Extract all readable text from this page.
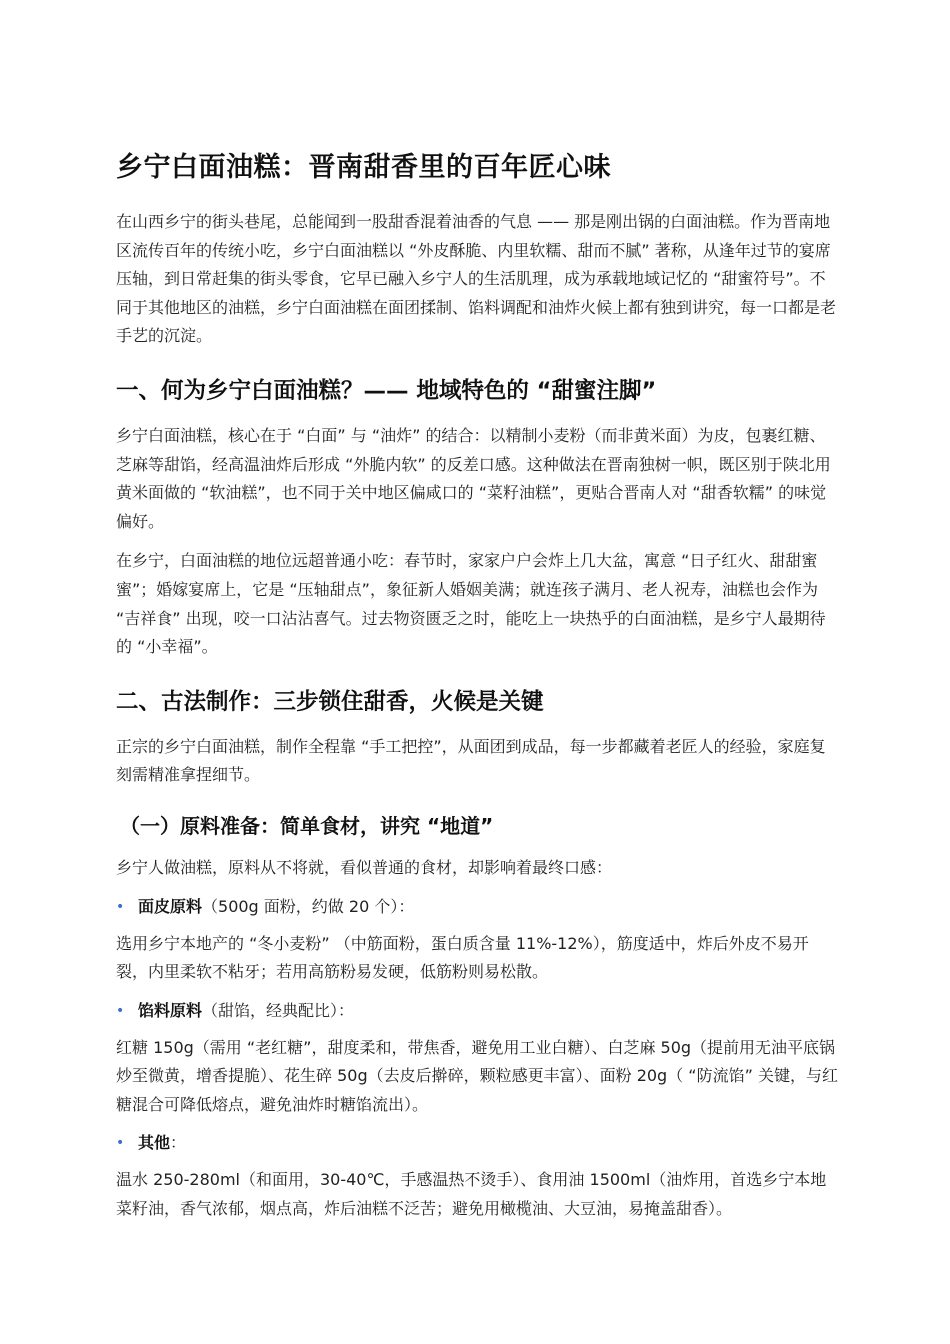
乡宁白面油糕：晋南甜香里的百年匠心味

在山西乡宁的街头巷尾，总能闻到一股甜香混着油香的气息 —— 那是刚出锅的白面油糕。作为晋南地区流传百年的传统小吃，乡宁白面油糕以 “外皮酥脆、内里软糯、甜而不腻” 著称，从逢年过节的宴席压轴，到日常赶集的街头零食，它早已融入乡宁人的生活肌理，成为承载地域记忆的 “甜蜜符号”。不同于其他地区的油糕，乡宁白面油糕在面团揉制、馅料调配和油炸火候上都有独到讲究，每一口都是老手艺的沉淀。

一、何为乡宁白面油糕？—— 地域特色的 “甜蜜注脚”

乡宁白面油糕，核心在于 “白面” 与 “油炸” 的结合：以精制小麦粉（而非黄米面）为皮，包裹红糖、芝麻等甜馅，经高温油炸后形成 “外脆内软” 的反差口感。这种做法在晋南独树一帜，既区别于陕北用黄米面做的 “软油糕”，也不同于关中地区偏咸口的 “菜籽油糕”，更贴合晋南人对 “甜香软糯” 的味觉偏好。

在乡宁，白面油糕的地位远超普通小吃：春节时，家家户户会炸上几大盆，寓意 “日子红火、甜甜蜜蜜”；婚嫁宴席上，它是 “压轴甜点”，象征新人婚姻美满；就连孩子满月、老人祝寿，油糕也会作为 “吉祥食” 出现，咬一口沾沾喜气。过去物资匮乏之时，能吃上一块热乎的白面油糕，是乡宁人最期待的 “小幸福”。

二、古法制作：三步锁住甜香，火候是关键

正宗的乡宁白面油糕，制作全程靠 “手工把控”，从面团到成品，每一步都藏着老匠人的经验，家庭复刻需精准拿捏细节。

（一）原料准备：简单食材，讲究 “地道”

乡宁人做油糕，原料从不将就，看似普通的食材，却影响着最终口感：

• 面皮原料（500g 面粉，约做 20 个）：

选用乡宁本地产的 “冬小麦粉” （中筋面粉，蛋白质含量 11%-12%），筋度适中，炸后外皮不易开裂，内里柔软不粘牙；若用高筋粉易发硬，低筋粉则易松散。

• 馅料原料（甜馅，经典配比）：

红糖 150g（需用 “老红糖”，甜度柔和，带焦香，避免用工业白糖）、白芝麻 50g（提前用无油平底锅炒至微黄，增香提脆）、花生碎 50g（去皮后擀碎，颗粒感更丰富）、面粉 20g（ “防流馅” 关键，与红糖混合可降低熔点，避免油炸时糖馅流出）。

• 其他：

温水 250-280ml（和面用，30-40℃，手感温热不烫手）、食用油 1500ml（油炸用，首选乡宁本地菜籽油，香气浓郁，烟点高，炸后油糕不泛苦；避免用橄榄油、大豆油，易掩盖甜香）。
